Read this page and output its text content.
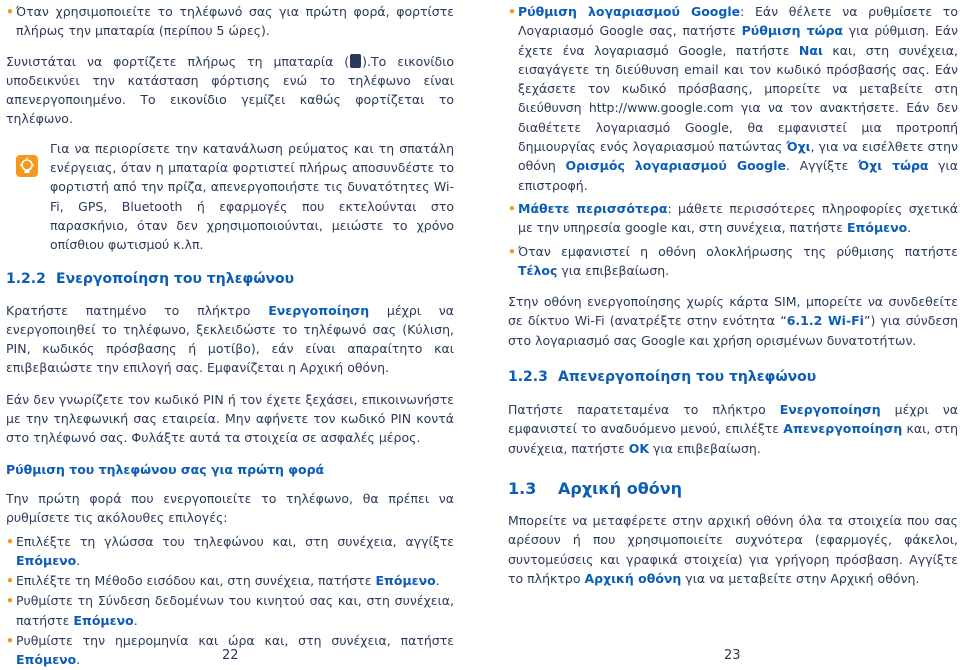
• Όταν χρησιμοποιείτε το τηλέφωνό σας για πρώτη φορά, φορτίστε πλήρως την μπαταρία (περίπου 5 ώρες).

Συνιστάται να φορτίζετε πλήρως τη μπαταρία ( ).Το εικονίδιο υποδεικνύει την κατάσταση φόρτισης ενώ το τηλέφωνο είναι απενεργοποιημένο. Το εικονίδιο γεμίζει καθώς φορτίζεται το τηλέφωνο.

Για να περιορίσετε την κατανάλωση ρεύματος και τη σπατάλη ενέργειας, όταν η μπαταρία φορτιστεί πλήρως αποσυνδέστε το φορτιστή από την πρίζα, απενεργοποιήστε τις δυνατότητες Wi-Fi, GPS, Bluetooth ή εφαρμογές που εκτελούνται στο παρασκήνιο, όταν δεν χρησιμοποιούνται, μειώστε το χρόνο οπίσθιου φωτισμού κ.λπ.

1.2.2 Ενεργοποίηση του τηλεφώνου

Κρατήστε πατημένο το πλήκτρο Ενεργοποίηση μέχρι να ενεργοποιηθεί το τηλέφωνο, ξεκλειδώστε το τηλέφωνό σας (Κύλιση, PIN, κωδικός πρόσβασης ή μοτίβο), εάν είναι απαραίτητο και επιβεβαιώστε την επιλογή σας. Εμφανίζεται η Αρχική οθόνη.

Εάν δεν γνωρίζετε τον κωδικό PIN ή τον έχετε ξεχάσει, επικοινωνήστε με την τηλεφωνική σας εταιρεία. Μην αφήνετε τον κωδικό PIN κοντά στο τηλέφωνό σας. Φυλάξτε αυτά τα στοιχεία σε ασφαλές μέρος.

Ρύθμιση του τηλεφώνου σας για πρώτη φορά

Την πρώτη φορά που ενεργοποιείτε το τηλέφωνο, θα πρέπει να ρυθμίσετε τις ακόλουθες επιλογές:

• Επιλέξτε τη γλώσσα του τηλεφώνου και, στη συνέχεια, αγγίξτε Επόμενο.

• Επιλέξτε τη Μέθοδο εισόδου και, στη συνέχεια, πατήστε Επόμενο.

• Ρυθμίστε τη Σύνδεση δεδομένων του κινητού σας και, στη συνέχεια, πατήστε Επόμενο.

• Ρυθμίστε την ημερομηνία και ώρα και, στη συνέχεια, πατήστε Επόμενο.	22

• Ρύθμιση λογαριασμού Google: Εάν θέλετε να ρυθμίσετε το Λογαριασμό Google σας, πατήστε Ρύθμιση τώρα για ρύθμιση. Εάν έχετε ένα λογαριασμό Google, πατήστε Ναι και, στη συνέχεια, εισαγάγετε τη διεύθυνση email και τον κωδικό πρόσβασής σας. Εάν ξεχάσετε τον κωδικό πρόσβασης, μπορείτε να μεταβείτε στη διεύθυνση http://www.google.com για να τον ανακτήσετε. Εάν δεν διαθέτετε λογαριασμό Google, θα εμφανιστεί μια προτροπή δημιουργίας ενός λογαριασμού πατώντας Όχι, για να εισέλθετε στην οθόνη Ορισμός λογαριασμού Google. Αγγίξτε Όχι τώρα για επιστροφή.

• Μάθετε περισσότερα: μάθετε περισσότερες πληροφορίες σχετικά με την υπηρεσία google και, στη συνέχεια, πατήστε Επόμενο.

• Όταν εμφανιστεί η οθόνη ολοκλήρωσης της ρύθμισης πατήστε Τέλος για επιβεβαίωση.

Στην οθόνη ενεργοποίησης χωρίς κάρτα SIM, μπορείτε να συνδεθείτε σε δίκτυο Wi-Fi (ανατρέξτε στην ενότητα “6.1.2 Wi-Fi”) για σύνδεση στο λογαριασμό σας Google και χρήση ορισμένων δυνατοτήτων.

1.2.3 Απενεργοποίηση του τηλεφώνου

Πατήστε παρατεταμένα το πλήκτρο Ενεργοποίηση μέχρι να εμφανιστεί το αναδυόμενο μενού, επιλέξτε Απενεργοποίηση και, στη συνέχεια, πατήστε OK για επιβεβαίωση.

1.3 Αρχική οθόνη

Μπορείτε να μεταφέρετε στην αρχική οθόνη όλα τα στοιχεία που σας αρέσουν ή που χρησιμοποιείτε συχνότερα (εφαρμογές, φάκελοι, συντομεύσεις και γραφικά στοιχεία) για γρήγορη πρόσβαση. Αγγίξτε το πλήκτρο Αρχική οθόνη για να μεταβείτε στην Αρχική οθόνη.

23
